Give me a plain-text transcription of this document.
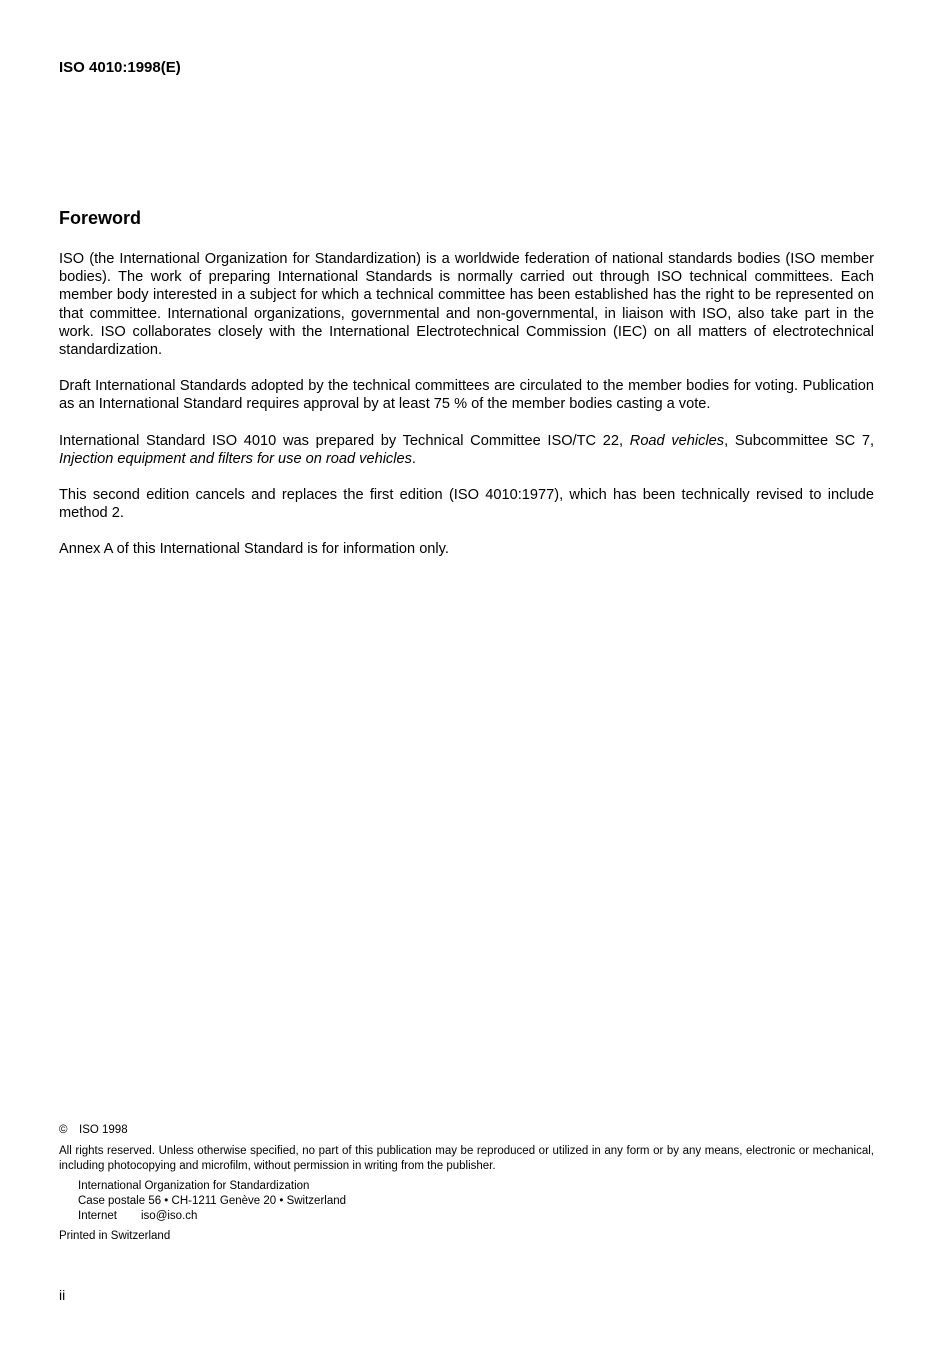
ISO 4010:1998(E)
Foreword

ISO (the International Organization for Standardization) is a worldwide federation of national standards bodies (ISO member bodies). The work of preparing International Standards is normally carried out through ISO technical committees. Each member body interested in a subject for which a technical committee has been established has the right to be represented on that committee. International organizations, governmental and non-governmental, in liaison with ISO, also take part in the work. ISO collaborates closely with the International Electrotechnical Commission (IEC) on all matters of electrotechnical standardization.

Draft International Standards adopted by the technical committees are circulated to the member bodies for voting. Publication as an International Standard requires approval by at least 75 % of the member bodies casting a vote.

International Standard ISO 4010 was prepared by Technical Committee ISO/TC 22, Road vehicles, Subcommittee SC 7, Injection equipment and filters for use on road vehicles.

This second edition cancels and replaces the first edition (ISO 4010:1977), which has been technically revised to include method 2.

Annex A of this International Standard is for information only.

© ISO 1998
All rights reserved. Unless otherwise specified, no part of this publication may be reproduced or utilized in any form or by any means, electronic or mechanical, including photocopying and microfilm, without permission in writing from the publisher.
International Organization for Standardization
Case postale 56 • CH-1211 Genève 20 • Switzerland
Internet iso@iso.ch
Printed in Switzerland
ii
